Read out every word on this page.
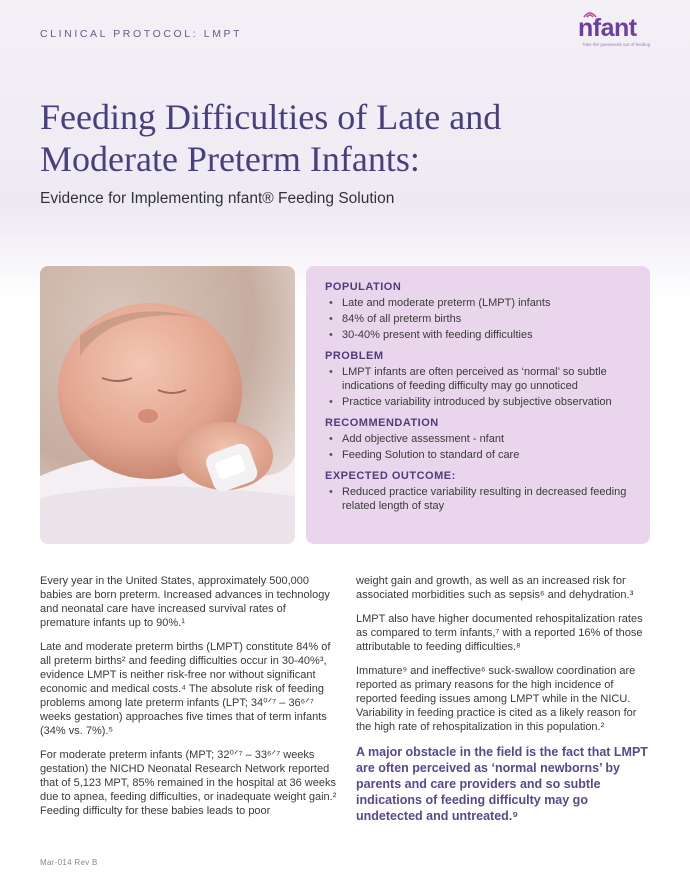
CLINICAL PROTOCOL: LMPT	nfant
Take the guesswork out of feeding
Feeding Difficulties of Late and Moderate Preterm Infants:
Evidence for Implementing nfant® Feeding Solution
POPULATION
• Late and moderate preterm (LMPT) infants
• 84% of all preterm births
• 30-40% present with feeding difficulties
PROBLEM
• LMPT infants are often perceived as ‘normal’ so subtle indications of feeding difficulty may go unnoticed
• Practice variability introduced by subjective observation
RECOMMENDATION
• Add objective assessment - nfant
• Feeding Solution to standard of care
EXPECTED OUTCOME:
• Reduced practice variability resulting in decreased feeding related length of stay

Every year in the United States, approximately 500,000 babies are born preterm. Increased advances in technology and neonatal care have increased survival rates of premature infants up to 90%.¹

Late and moderate preterm births (LMPT) constitute 84% of all preterm births² and feeding difficulties occur in 30-40%³, evidence LMPT is neither risk-free nor without significant economic and medical costs.⁴ The absolute risk of feeding problems among late preterm infants (LPT; 34⁰ᐟ⁷ – 36⁶ᐟ⁷ weeks gestation) approaches five times that of term infants (34% vs. 7%).⁵

For moderate preterm infants (MPT; 32⁰ᐟ⁷ – 33⁶ᐟ⁷ weeks gestation) the NICHD Neonatal Research Network reported that of 5,123 MPT, 85% remained in the hospital at 36 weeks due to apnea, feeding difficulties, or inadequate weight gain.² Feeding difficulty for these babies leads to poor

weight gain and growth, as well as an increased risk for associated morbidities such as sepsis⁶ and dehydration.³

LMPT also have higher documented rehospitalization rates as compared to term infants,⁷ with a reported 16% of those attributable to feeding difficulties.⁸

Immature⁹ and ineffective⁶ suck-swallow coordination are reported as primary reasons for the high incidence of reported feeding issues among LMPT while in the NICU. Variability in feeding practice is cited as a likely reason for the high rate of rehospitalization in this population.²

A major obstacle in the field is the fact that LMPT are often perceived as ‘normal newborns’ by parents and care providers and so subtle indications of feeding difficulty may go undetected and untreated.⁹

Mar-014 Rev B
